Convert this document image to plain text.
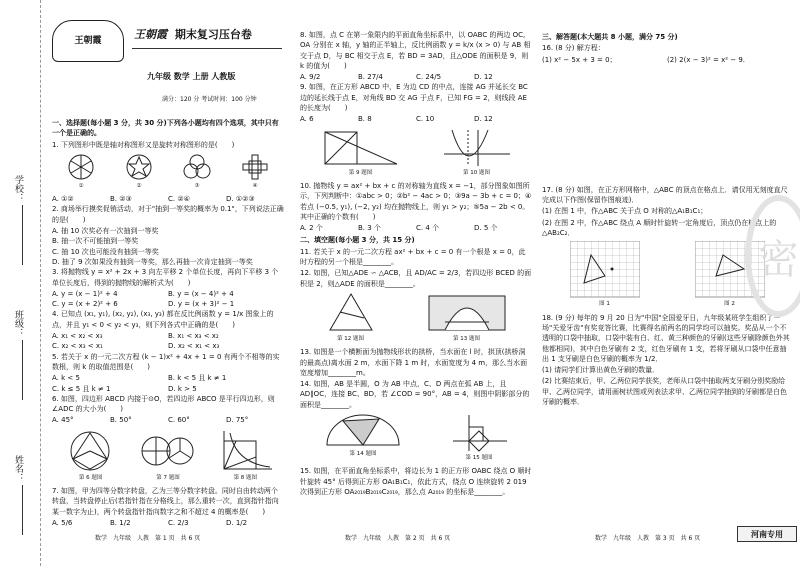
学校：
班级：
姓名：
王朝霞	王朝霞 期末复习压台卷
九年级 数学 上册 人教版
满分：120 分 考试时间：100 分钟
一、选择题(每小题 3 分，共 30 分)下列各小题均有四个选项，其中只有一个是正确的。
1. 下列图形中既是轴对称图形又是旋转对称图形的是(　　)
①	②	③	④
A. ①②	B. ②③	C. ②④	D. ①②③
2. 商场举行摸奖促销活动，对于"抽到一等奖的概率为 0.1"，下列说法正确的是(　　)
A. 抽 10 次奖必有一次抽到一等奖
B. 抽一次不可能抽到一等奖
C. 抽 10 次也可能没有抽到一等奖
D. 抽了 9 次如果没有抽到一等奖，那么再抽一次肯定抽到一等奖
3. 将抛物线 y = x² + 2x + 3 向左平移 2 个单位长度，再向下平移 3 个单位长度后，得到的抛物线的解析式为(　　)
A. y = (x − 1)² + 4	B. y = (x − 4)² + 4
C. y = (x + 2)² + 6	D. y = (x + 3)² − 1
4. 已知点 (x₁, y₁), (x₂, y₂), (x₃, y₃) 都在反比例函数 y = 1/x 图象上的点，并且 y₁ < 0 < y₂ < y₃，则下列各式中正确的是(　　)
A. x₁ < x₂ < x₃	B. x₁ < x₃ < x₂
C. x₂ < x₃ < x₁	D. x₂ < x₁ < x₃
5. 若关于 x 的一元二次方程 (k − 1)x² + 4x + 1 = 0 有两个不相等的实数根，则 k 的取值范围是(　　)
A. k < 5	B. k < 5 且 k ≠ 1
C. k ≤ 5 且 k ≠ 1	D. k > 5
6. 如图，四边形 ABCD 内接于⊙O，若四边形 ABCO 是平行四边形，则∠ADC 的大小为(　　)
A. 45°	B. 50°	C. 60°	D. 75°
第 6 题图	第 7 题图	第 8 题图
7. 如图，甲为四等分数字转盘，乙为三等分数字转盘。同时自由转动两个转盘，当转盘停止后(若指针指在分格线上，那么重转一次，直到指针指向某一数字为止)，两个转盘指针指向数字之和不超过 4 的概率是(　　)
A. 5/6	B. 1/2	C. 2/3	D. 1/2
数学　九年级　人教　第 1 页　共 6 页
8. 如图，点 C 在第一象限内的平面直角坐标系中，以 OABC 的两边 OC, OA 分别在 x 轴，y 轴的正半轴上，反比例函数 y = k/x (x > 0) 与 AB 相交于点 D，与 BC 相交于点 E，若 BD = 3AD，且△ODE 的面积是 9，则 k 的值为(　　)
A. 9/2	B. 27/4	C. 24/5	D. 12
9. 如图，在正方形 ABCD 中，E 为边 CD 的中点，连接 AG 并延长交 BC 边的延长线于点 E，对角线 BD 交 AG 于点 F，已知 FG = 2，则线段 AE 的长度为(　　)
A. 6	B. 8	C. 10	D. 12
第 9 题图	第 10 题图
10. 抛物线 y = ax² + bx + c 的对称轴为直线 x = −1，部分图象如图所示，下列判断中：①abc > 0；②b² − 4ac > 0；③9a − 3b + c = 0；④若点 (−0.5, y₁), (−2, y₂) 均在抛物线上，则 y₁ > y₂；⑤5a − 2b < 0。其中正确的个数有(　　)
A. 2 个	B. 3 个	C. 4 个	D. 5 个
二、填空题(每小题 3 分，共 15 分)
11. 若关于 x 的一元二次方程 ax² + bx + c = 0 有一个根是 x = 0，此时方程的另一个根是________。
12. 如图，已知△ADE ∽ △ACB，且 AD/AC = 2/3，若四边形 BCED 的面积是 2，则△ADE 的面积是________。
第 12 题图	第 13 题图
13. 如图是一个横断面为抛物线形状的拱桥，当水面在 l 时，拱顶(拱桥洞的最高点)离水面 2 m，水面下降 1 m 时，水面宽度为 4 m，那么当水面宽度增加________m。
14. 如图，AB 是半圆，O 为 AB 中点，C、D 两点在弧 AB 上，且 AD∥OC，连接 BC、BD，若 ∠COD = 90°，AB = 4，则图中阴影部分的面积是________。
第 14 题图
第 15 题图
15. 如图，在平面直角坐标系中，将边长为 1 的正方形 OABC 绕点 O 顺时针旋转 45° 后得到正方形 OA₁B₁C₁，依此方式，绕点 O 连续旋转 2 019 次得到正方形 OA₂₀₁₉B₂₀₁₉C₂₀₁₉，那么点 A₂₀₁₉ 的坐标是________。
数学　九年级　人教　第 2 页　共 6 页
三、解答题(本大题共 8 小题，满分 75 分)
16. (8 分) 解方程：
(1) x² − 5x + 3 = 0；	(2) 2(x − 3)² = x² − 9.
17. (8 分) 如图，在正方形网格中，△ABC 的顶点在格点上．请仅用无刻度直尺完成以下作图(保留作图痕迹)．
(1) 在图 1 中，作△ABC 关于点 O 对称的△A₁B₁C₁；
(2) 在图 2 中，作△ABC 绕点 A 顺时针旋转一定角度后，顶点仍在格点上的△AB₂C₂．
图 1	图 2
18. (9 分) 每年的 9 月 20 日为"中国"全国爱牙日，九年级某班学生组织了一场"关爱牙齿"有奖竞答比赛，比赛得名前两名的同学均可以抽奖。奖品从一个不透明的口袋中抽取，口袋中装有白、红、黄三种颜色的牙刷(这些牙刷除颜色外其他都相同)，其中白色牙刷有 2 支，红色牙刷有 1 支，若将牙刷从口袋中任意抽出 1 支牙刷是白色牙刷的概率为 1/2．
(1) 请同学们计算出黄色牙刷的数量．
(2) 比赛结束后，甲、乙两位同学获奖，老师从口袋中抽取两支牙刷分别奖励给甲、乙两位同学，请用画树状图或列表法求甲、乙两位同学抽到的牙刷都是白色牙刷的概率．
密
数学　九年级　人教　第 3 页　共 6 页	河南专用
